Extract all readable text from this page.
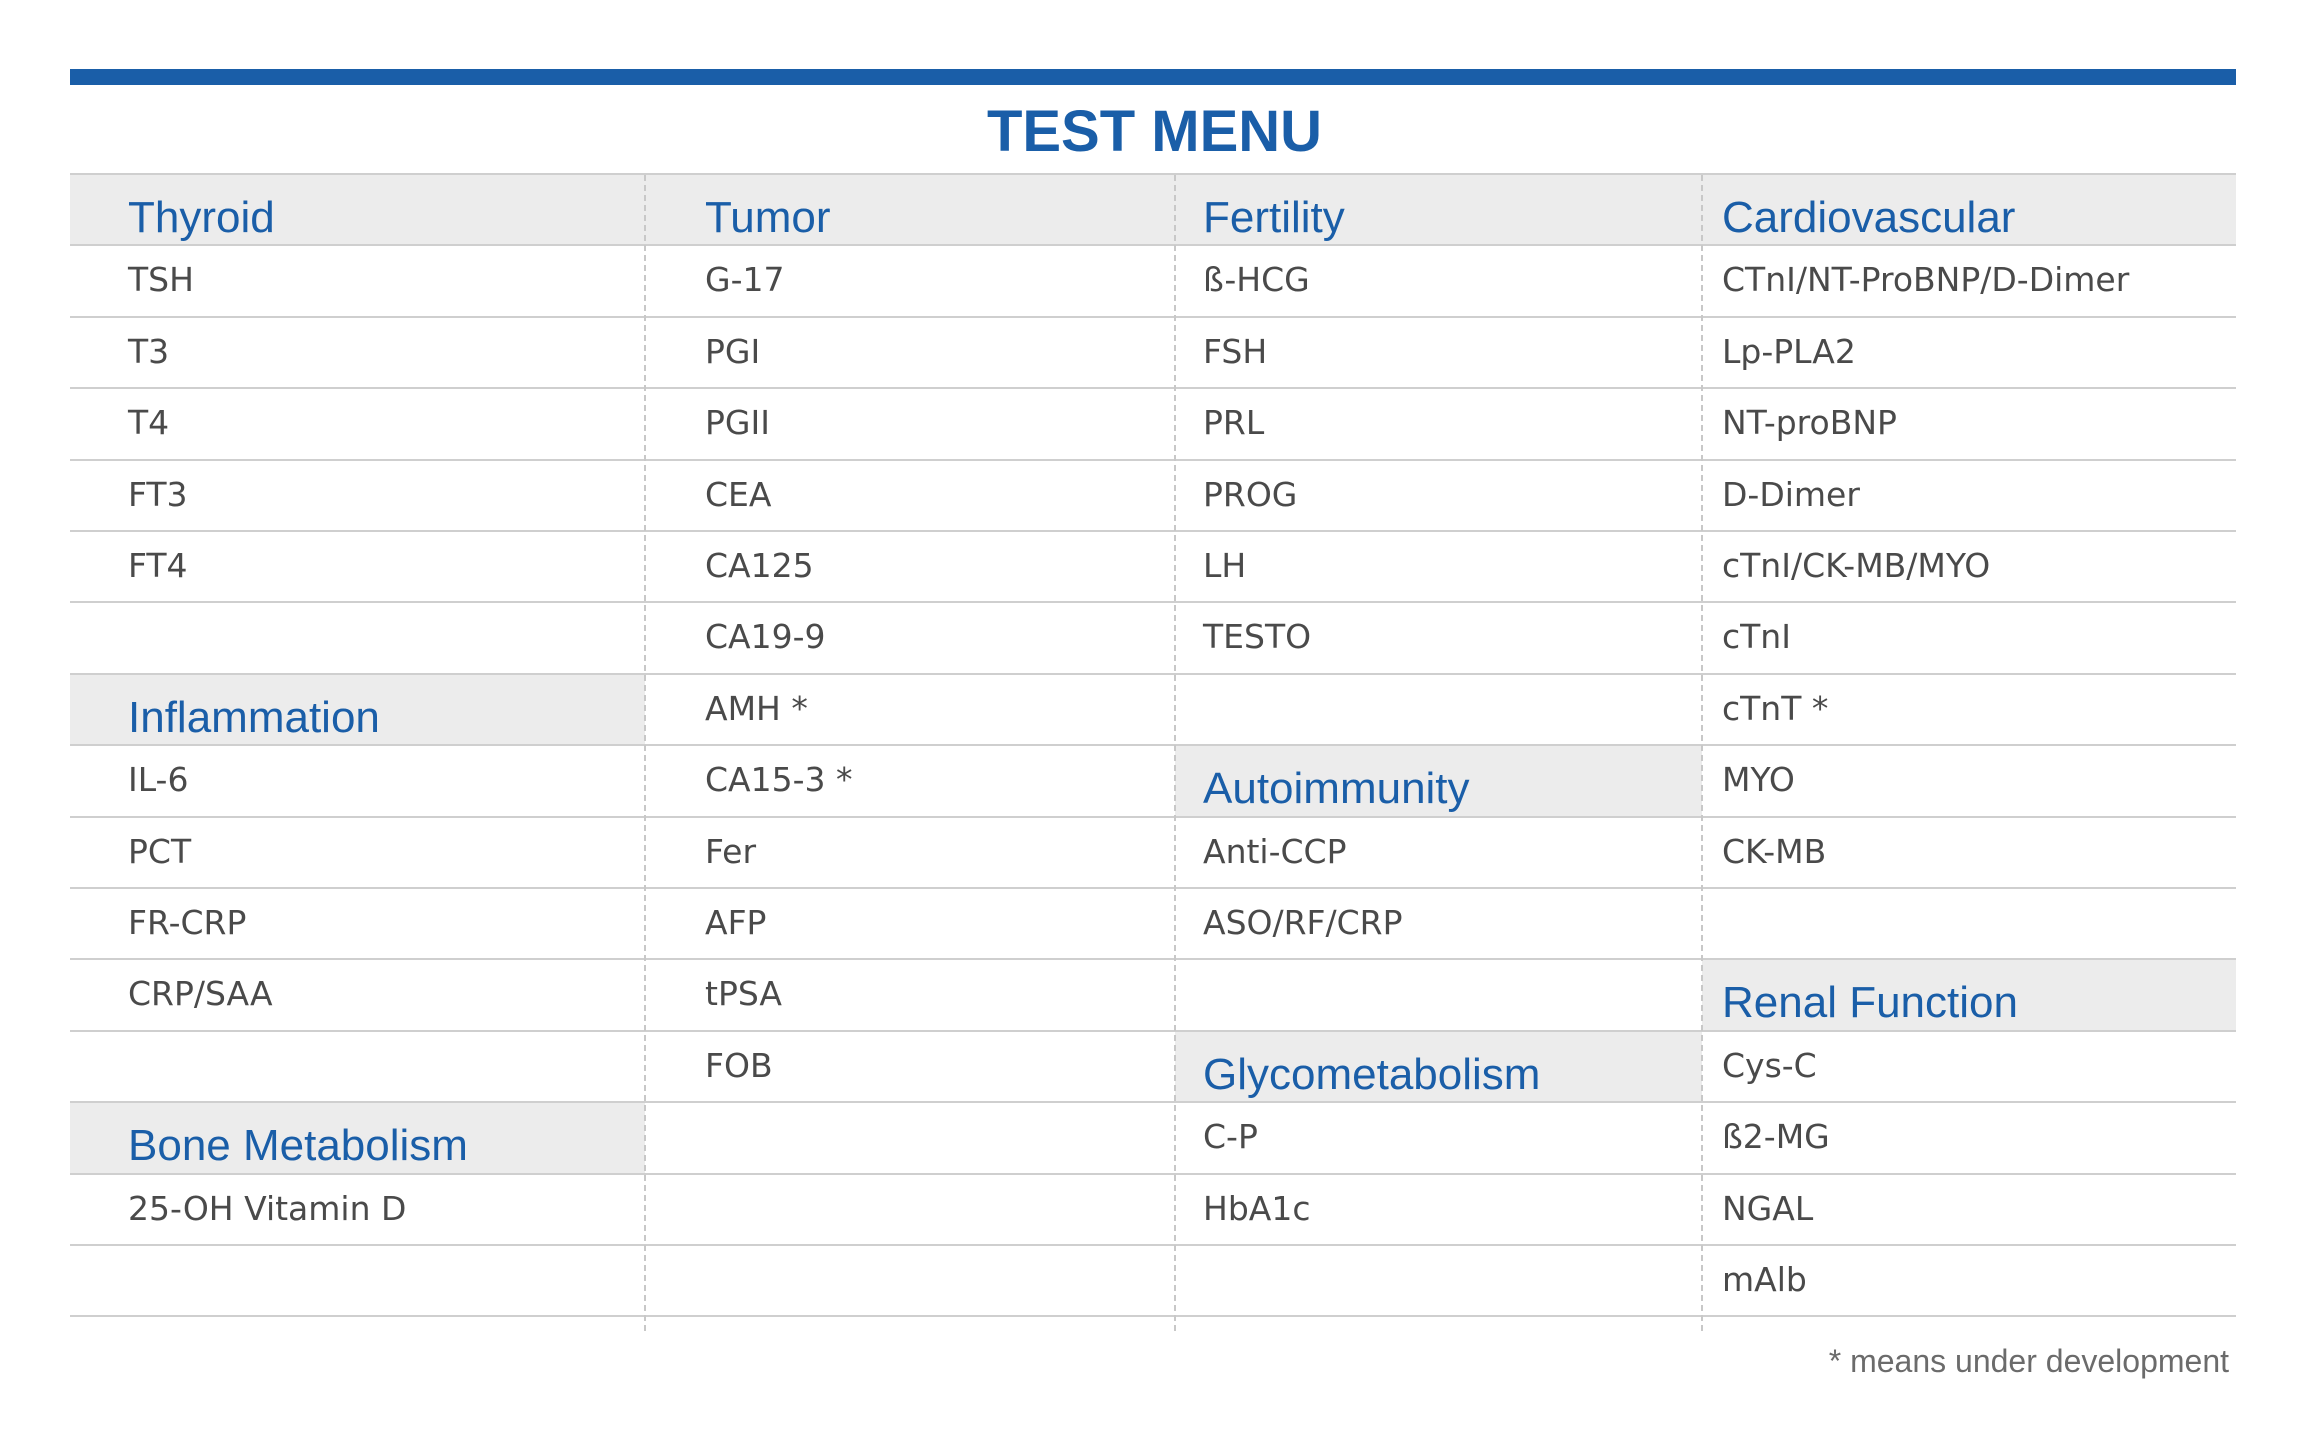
TEST MENU
Thyroid
TSH
T3
T4
FT3
FT4
Inflammation
IL-6
PCT
FR-CRP
CRP/SAA
Bone Metabolism
25-OH Vitamin D
Tumor
G-17
PGI
PGII
CEA
CA125
CA19-9
AMH *
CA15-3 *
Fer
AFP
tPSA
FOB
Fertility
ß-HCG
FSH
PRL
PROG
LH
TESTO
Autoimmunity
Anti-CCP
ASO/RF/CRP
Glycometabolism
C-P
HbA1c
Cardiovascular
CTnI/NT-ProBNP/D-Dimer
Lp-PLA2
NT-proBNP
D-Dimer
cTnI/CK-MB/MYO
cTnI
cTnT *
MYO
CK-MB
Renal Function
Cys-C
ß2-MG
NGAL
mAlb
* means under development
